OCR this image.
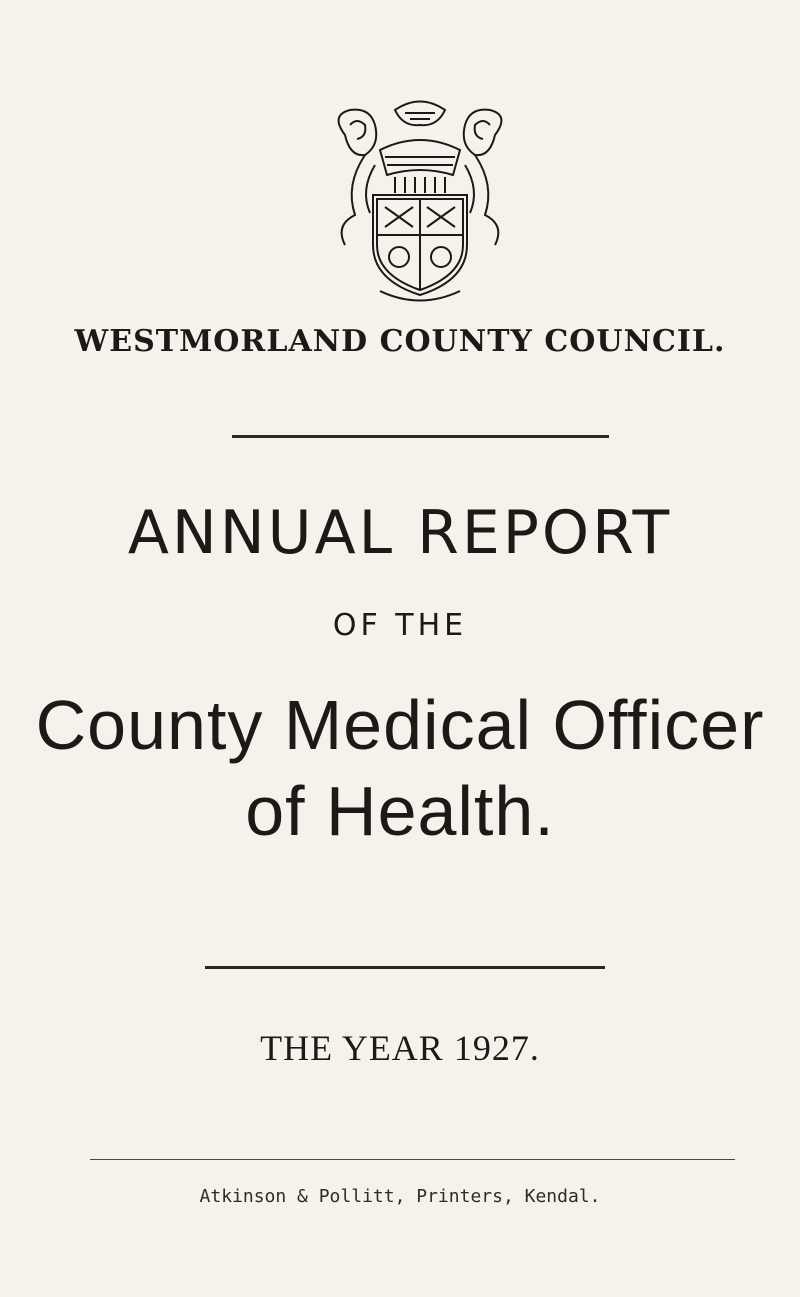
WESTMORLAND COUNTY COUNCIL.
ANNUAL REPORT
OF THE
County Medical Officer
of Health.
THE YEAR 1927.
Atkinson & Pollitt, Printers, Kendal.
